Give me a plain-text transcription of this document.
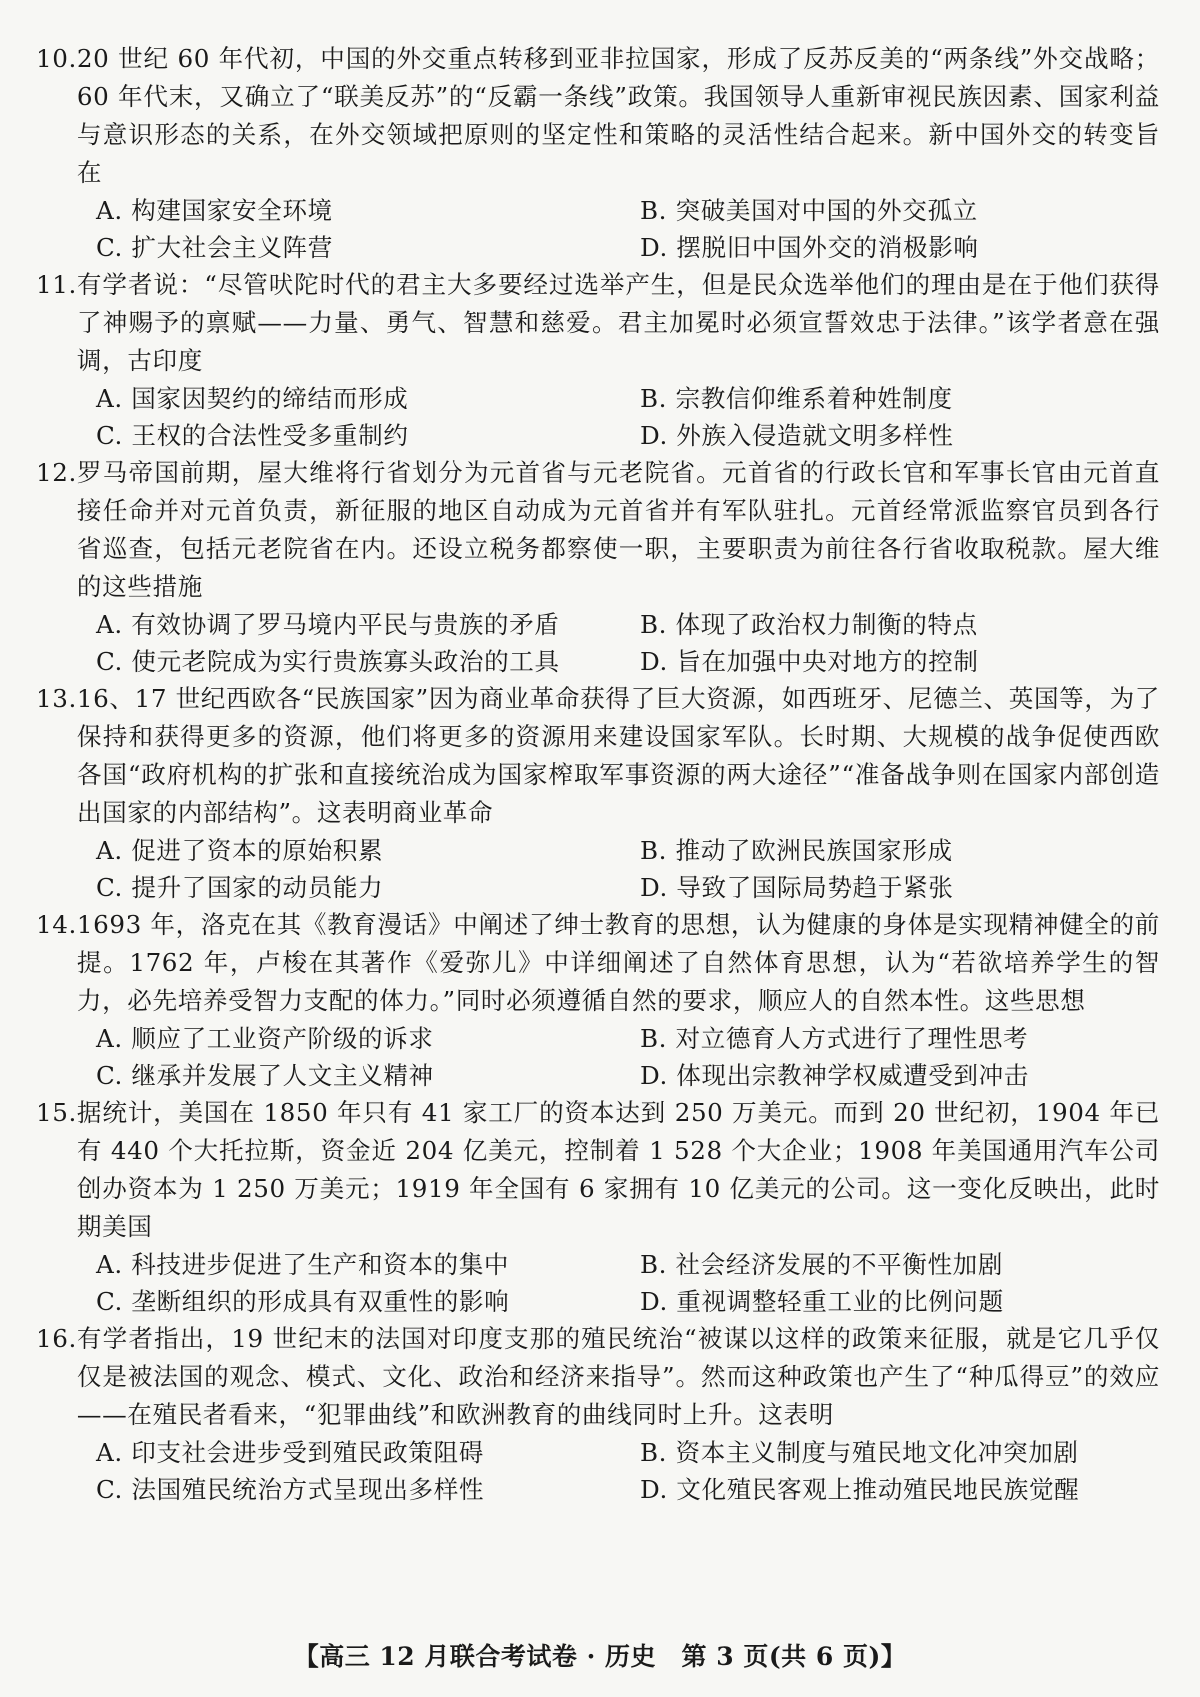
10. 20 世纪 60 年代初，中国的外交重点转移到亚非拉国家，形成了反苏反美的“两条线”外交战略；60 年代末，又确立了“联美反苏”的“反霸一条线”政策。我国领导人重新审视民族因素、国家利益与意识形态的关系，在外交领域把原则的坚定性和策略的灵活性结合起来。新中国外交的转变旨在
A. 构建国家安全环境	B. 突破美国对中国的外交孤立
C. 扩大社会主义阵营	D. 摆脱旧中国外交的消极影响
11. 有学者说：“尽管吠陀时代的君主大多要经过选举产生，但是民众选举他们的理由是在于他们获得了神赐予的禀赋——力量、勇气、智慧和慈爱。君主加冕时必须宣誓效忠于法律。”该学者意在强调，古印度
A. 国家因契约的缔结而形成	B. 宗教信仰维系着种姓制度
C. 王权的合法性受多重制约	D. 外族入侵造就文明多样性
12. 罗马帝国前期，屋大维将行省划分为元首省与元老院省。元首省的行政长官和军事长官由元首直接任命并对元首负责，新征服的地区自动成为元首省并有军队驻扎。元首经常派监察官员到各行省巡查，包括元老院省在内。还设立税务都察使一职，主要职责为前往各行省收取税款。屋大维的这些措施
A. 有效协调了罗马境内平民与贵族的矛盾	B. 体现了政治权力制衡的特点
C. 使元老院成为实行贵族寡头政治的工具	D. 旨在加强中央对地方的控制
13. 16、17 世纪西欧各“民族国家”因为商业革命获得了巨大资源，如西班牙、尼德兰、英国等，为了保持和获得更多的资源，他们将更多的资源用来建设国家军队。长时期、大规模的战争促使西欧各国“政府机构的扩张和直接统治成为国家榨取军事资源的两大途径”“准备战争则在国家内部创造出国家的内部结构”。这表明商业革命
A. 促进了资本的原始积累	B. 推动了欧洲民族国家形成
C. 提升了国家的动员能力	D. 导致了国际局势趋于紧张
14. 1693 年，洛克在其《教育漫话》中阐述了绅士教育的思想，认为健康的身体是实现精神健全的前提。1762 年，卢梭在其著作《爱弥儿》中详细阐述了自然体育思想，认为“若欲培养学生的智力，必先培养受智力支配的体力。”同时必须遵循自然的要求，顺应人的自然本性。这些思想
A. 顺应了工业资产阶级的诉求	B. 对立德育人方式进行了理性思考
C. 继承并发展了人文主义精神	D. 体现出宗教神学权威遭受到冲击
15. 据统计，美国在 1850 年只有 41 家工厂的资本达到 250 万美元。而到 20 世纪初，1904 年已有 440 个大托拉斯，资金近 204 亿美元，控制着 1 528 个大企业；1908 年美国通用汽车公司创办资本为 1 250 万美元；1919 年全国有 6 家拥有 10 亿美元的公司。这一变化反映出，此时期美国
A. 科技进步促进了生产和资本的集中	B. 社会经济发展的不平衡性加剧
C. 垄断组织的形成具有双重性的影响	D. 重视调整轻重工业的比例问题
16. 有学者指出，19 世纪末的法国对印度支那的殖民统治“被谋以这样的政策来征服，就是它几乎仅仅是被法国的观念、模式、文化、政治和经济来指导”。然而这种政策也产生了“种瓜得豆”的效应——在殖民者看来，“犯罪曲线”和欧洲教育的曲线同时上升。这表明
A. 印支社会进步受到殖民政策阻碍	B. 资本主义制度与殖民地文化冲突加剧
C. 法国殖民统治方式呈现出多样性	D. 文化殖民客观上推动殖民地民族觉醒
【高三 12 月联合考试卷 · 历史　第 3 页(共 6 页)】
